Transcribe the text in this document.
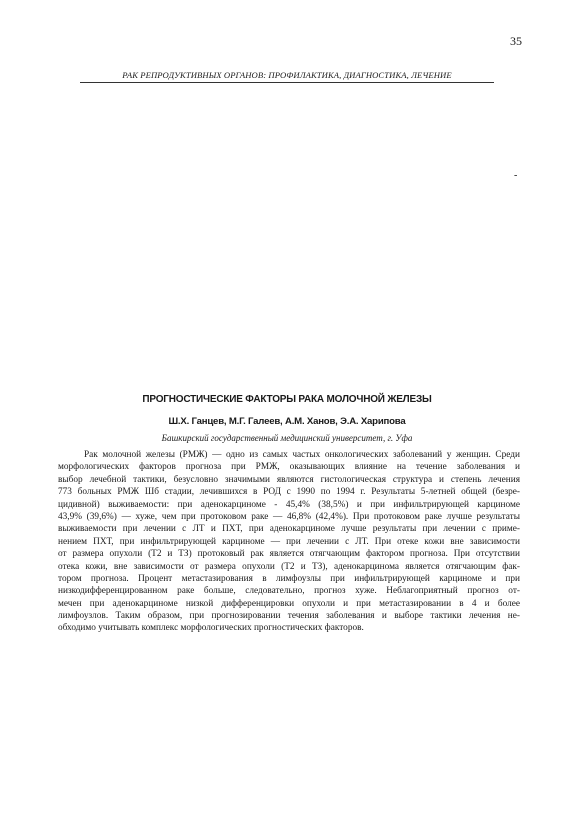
35
РАК РЕПРОДУКТИВНЫХ ОРГАНОВ: ПРОФИЛАКТИКА, ДИАГНОСТИКА, ЛЕЧЕНИЕ
-
ПРОГНОСТИЧЕСКИЕ ФАКТОРЫ РАКА МОЛОЧНОЙ ЖЕЛЕЗЫ
Ш.Х. Ганцев, М.Г. Галеев, А.М. Ханов, Э.А. Харипова
Башкирский государственный медицинский университет, г. Уфа
Рак молочной железы (РМЖ) — одно из самых частых онкологических заболеваний у женщин. Среди
морфологических факторов прогноза при РМЖ, оказывающих влияние на течение заболевания и
выбор лечебной тактики, безусловно значимыми являются гистологическая структура и степень лечения
773 больных РМЖ Шб стадии, лечившихся в РОД с 1990 по 1994 г. Результаты 5-летней общей (безре-
цидивной) выживаемости: при аденокарциноме - 45,4% (38,5%) и при инфильтрирующей карциноме
43,9% (39,6%) — хуже, чем при протоковом раке — 46,8% (42,4%). При протоковом раке лучше результаты
выживаемости при лечении с ЛТ и ПХТ, при аденокарциноме лучше результаты при лечении с приме-
нением ПХТ, при инфильтрирующей карциноме — при лечении с ЛТ. При отеке кожи вне зависимости
от размера опухоли (Т2 и ТЗ) протоковый рак является отягчающим фактором прогноза. При отсутствии
отека кожи, вне зависимости от размера опухоли (Т2 и ТЗ), аденокарцинома является отягчающим фак-
тором прогноза. Процент метастазирования в лимфоузлы при инфильтрирующей карциноме и при
низкодифференцированном раке больше, следовательно, прогноз хуже. Неблагоприятный прогноз от-
мечен при аденокарциноме низкой дифференцировки опухоли и при метастазировании в 4 и более
лимфоузлов. Таким образом, при прогнозировании течения заболевания и выборе тактики лечения не-
обходимо учитывать комплекс морфологических прогностических факторов.
